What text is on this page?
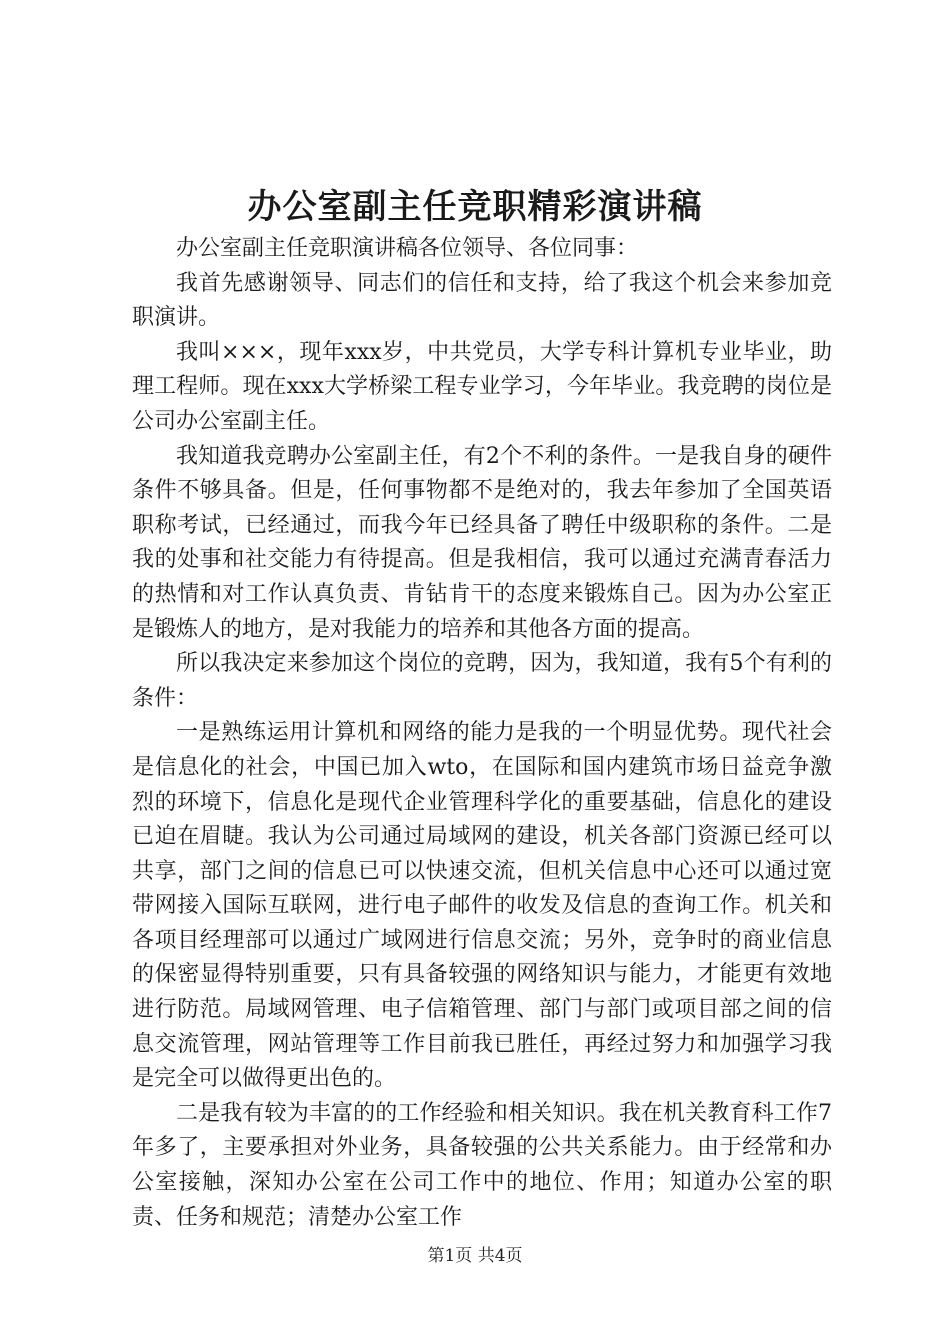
办公室副主任竞职精彩演讲稿

办公室副主任竞职演讲稿各位领导、各位同事：

我首先感谢领导、同志们的信任和支持，给了我这个机会来参加竞职演讲。

我叫×××，现年xxx岁，中共党员，大学专科计算机专业毕业，助理工程师。现在xxx大学桥梁工程专业学习，今年毕业。我竞聘的岗位是公司办公室副主任。

我知道我竞聘办公室副主任，有2个不利的条件。一是我自身的硬件条件不够具备。但是，任何事物都不是绝对的，我去年参加了全国英语职称考试，已经通过，而我今年已经具备了聘任中级职称的条件。二是我的处事和社交能力有待提高。但是我相信，我可以通过充满青春活力的热情和对工作认真负责、肯钻肯干的态度来锻炼自己。因为办公室正是锻炼人的地方，是对我能力的培养和其他各方面的提高。

所以我决定来参加这个岗位的竞聘，因为，我知道，我有5个有利的条件：

一是熟练运用计算机和网络的能力是我的一个明显优势。现代社会是信息化的社会，中国已加入wto，在国际和国内建筑市场日益竞争激烈的环境下，信息化是现代企业管理科学化的重要基础，信息化的建设已迫在眉睫。我认为公司通过局域网的建设，机关各部门资源已经可以共享，部门之间的信息已可以快速交流，但机关信息中心还可以通过宽带网接入国际互联网，进行电子邮件的收发及信息的查询工作。机关和各项目经理部可以通过广域网进行信息交流；另外，竞争时的商业信息的保密显得特别重要，只有具备较强的网络知识与能力，才能更有效地进行防范。局域网管理、电子信箱管理、部门与部门或项目部之间的信息交流管理，网站管理等工作目前我已胜任，再经过努力和加强学习我是完全可以做得更出色的。

二是我有较为丰富的的工作经验和相关知识。我在机关教育科工作7年多了，主要承担对外业务，具备较强的公共关系能力。由于经常和办公室接触，深知办公室在公司工作中的地位、作用；知道办公室的职责、任务和规范；清楚办公室工作

第1页 共4页
